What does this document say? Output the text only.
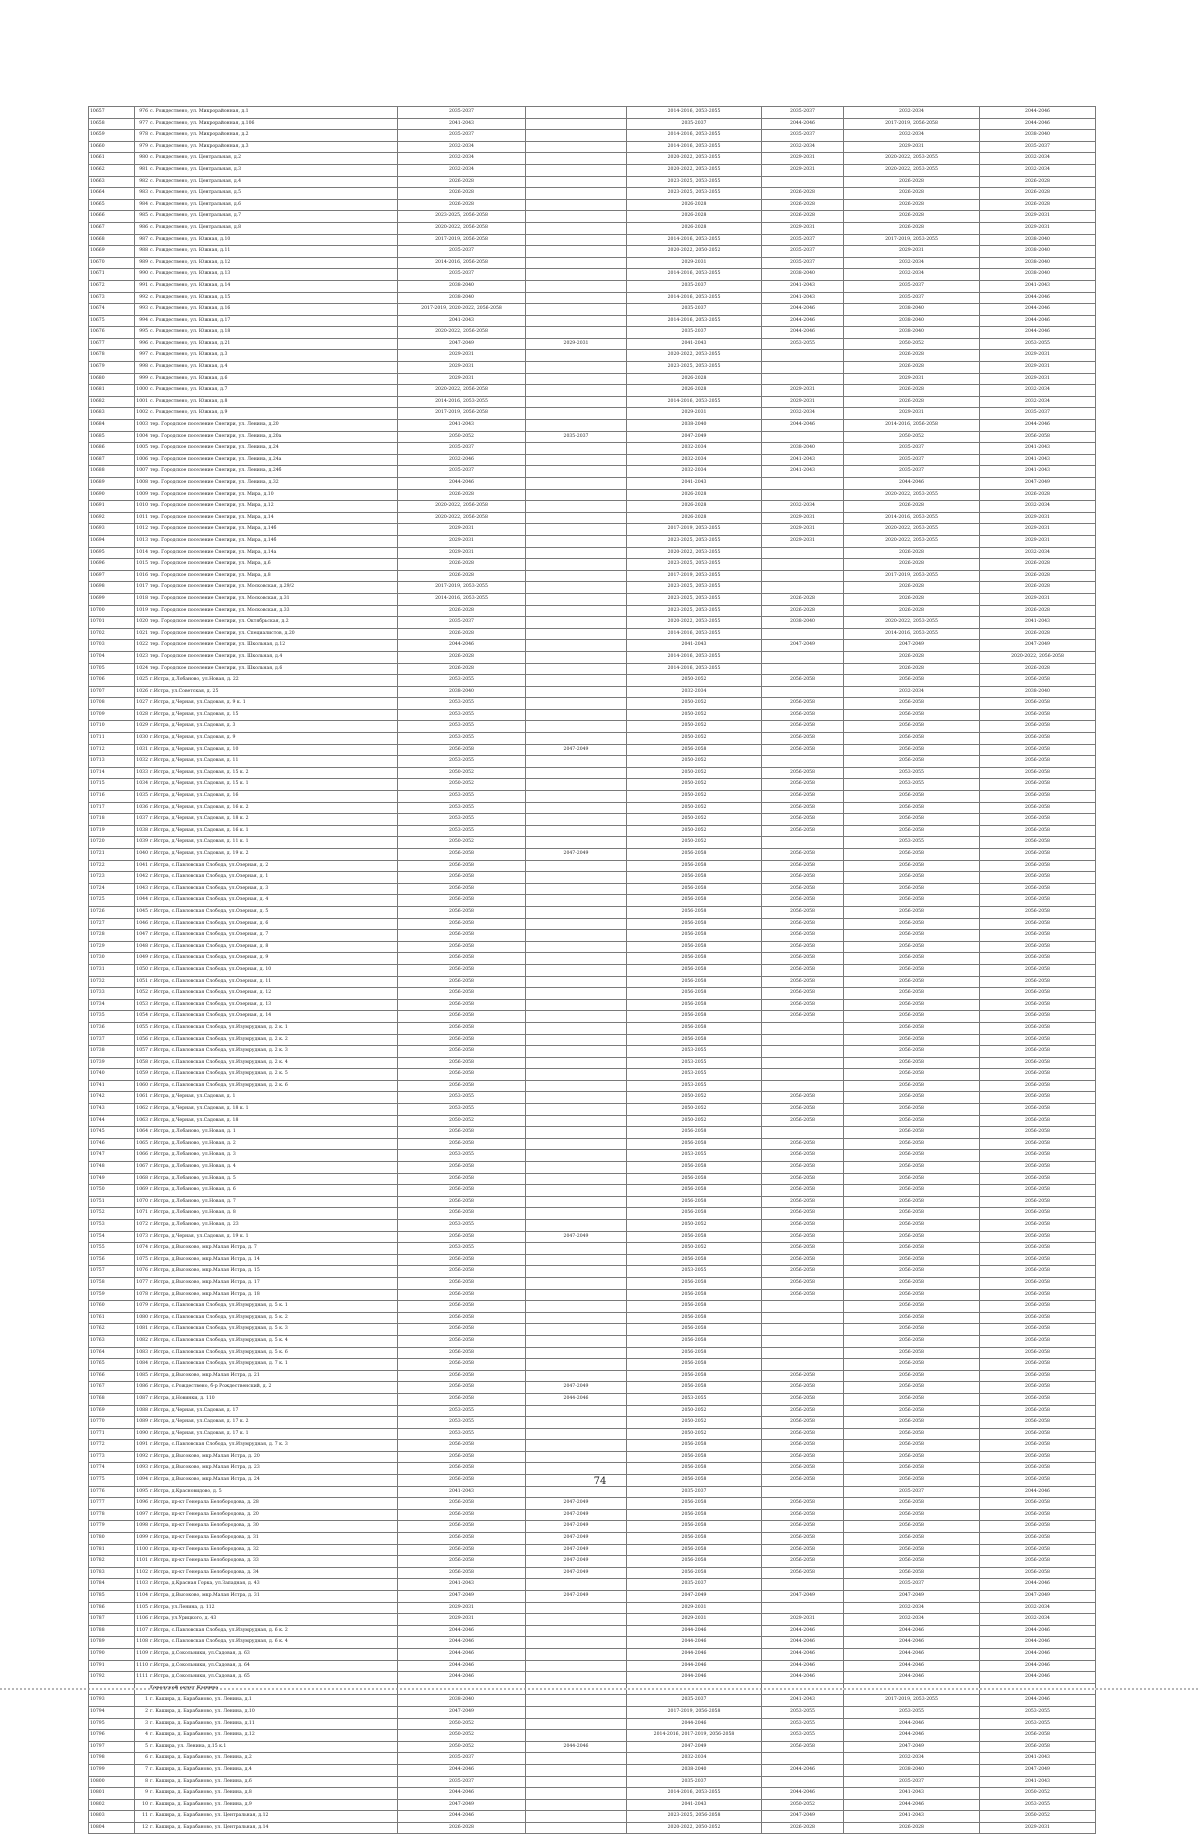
10657	976 с. Рождествено, ул. Микрорайонная, д.1	2035-2037		2014-2016, 2053-2055	2035-2037	2032-2034	2044-2046
10658	977 с. Рождествено, ул. Микрорайонная, д.106	2041-2043		2035-2037	2044-2046	2017-2019, 2056-2058	2044-2046
10659	978 с. Рождествено, ул. Микрорайонная, д.2	2035-2037		2014-2016, 2053-2055	2035-2037	2032-2034	2038-2040
10660	979 с. Рождествено, ул. Микрорайонная, д.3	2032-2034		2014-2016, 2053-2055	2032-2034	2029-2031	2035-2037
10661	980 с. Рождествено, ул. Центральная, д.2	2032-2034		2020-2022, 2053-2055	2029-2031	2020-2022, 2053-2055	2032-2034
10662	981 с. Рождествено, ул. Центральная, д.3	2032-2034		2020-2022, 2053-2055	2029-2031	2020-2022, 2053-2055	2032-2034
10663	982 с. Рождествено, ул. Центральная, д.4	2026-2028		2023-2025, 2053-2055		2026-2028	2026-2028
10664	983 с. Рождествено, ул. Центральная, д.5	2026-2028		2023-2025, 2053-2055	2026-2028	2026-2028	2026-2028
10665	984 с. Рождествено, ул. Центральная, д.6	2026-2028		2026-2028	2026-2028	2026-2028	2026-2028
10666	985 с. Рождествено, ул. Центральная, д.7	2023-2025, 2056-2058		2026-2028	2026-2028	2026-2028	2029-2031
10667	986 с. Рождествено, ул. Центральная, д.8	2020-2022, 2056-2058		2026-2028	2029-2031	2026-2028	2029-2031
10668	987 с. Рождествено, ул. Южная, д.10	2017-2019, 2056-2058		2014-2016, 2053-2055	2035-2037	2017-2019, 2053-2055	2038-2040
10669	988 с. Рождествено, ул. Южная, д.11	2035-2037		2020-2022, 2050-2052	2035-2037	2029-2031	2038-2040
10670	989 с. Рождествено, ул. Южная, д.12	2014-2016, 2056-2058		2029-2031	2035-2037	2032-2034	2038-2040
10671	990 с. Рождествено, ул. Южная, д.13	2035-2037		2014-2016, 2053-2055	2038-2040	2032-2034	2038-2040
10672	991 с. Рождествено, ул. Южная, д.14	2038-2040		2035-2037	2041-2043	2035-2037	2041-2043
10673	992 с. Рождествено, ул. Южная, д.15	2038-2040		2014-2016, 2053-2055	2041-2043	2035-2037	2044-2046
10674	993 с. Рождествено, ул. Южная, д.16	2017-2019, 2020-2022, 2056-2058		2035-2037	2044-2046	2038-2040	2044-2046
10675	994 с. Рождествено, ул. Южная, д.17	2041-2043		2014-2016, 2053-2055	2044-2046	2038-2040	2044-2046
10676	995 с. Рождествено, ул. Южная, д.18	2020-2022, 2056-2058		2035-2037	2044-2046	2038-2040	2044-2046
10677	996 с. Рождествено, ул. Южная, д.21	2047-2049	2029-2031	2041-2043	2053-2055	2050-2052	2053-2055
10678	997 с. Рождествено, ул. Южная, д.3	2029-2031		2020-2022, 2053-2055		2026-2028	2029-2031
10679	998 с. Рождествено, ул. Южная, д.4	2029-2031		2023-2025, 2053-2055		2026-2028	2029-2031
10680	999 с. Рождествено, ул. Южная, д.6	2029-2031		2026-2028		2029-2031	2029-2031
10681	1000 с. Рождествено, ул. Южная, д.7	2020-2022, 2056-2058		2026-2028	2029-2031	2026-2028	2032-2034
10682	1001 с. Рождествено, ул. Южная, д.8	2014-2016, 2053-2055		2014-2016, 2053-2055	2029-2031	2026-2028	2032-2034
10683	1002 с. Рождествено, ул. Южная, д.9	2017-2019, 2056-2058		2029-2031	2032-2034	2029-2031	2035-2037
10684	1003 тер. Городское поселение Снегири, ул. Ленина, д.20	2041-2043		2038-2040	2044-2046	2014-2016, 2056-2058	2044-2046
10685	1004 тер. Городское поселение Снегири, ул. Ленина, д.20а	2050-2052	2035-2037	2047-2049		2050-2052	2056-2058
10686	1005 тер. Городское поселение Снегири, ул. Ленина, д.24	2035-2037		2032-2034	2038-2040	2035-2037	2041-2043
10687	1006 тер. Городское поселение Снегири, ул. Ленина, д.24а	2032-2046		2032-2034	2041-2043	2035-2037	2041-2043
10688	1007 тер. Городское поселение Снегири, ул. Ленина, д.24б	2035-2037		2032-2034	2041-2043	2035-2037	2041-2043
10689	1008 тер. Городское поселение Снегири, ул. Ленина, д.32	2044-2046		2041-2043		2044-2046	2047-2049
10690	1009 тер. Городское поселение Снегири, ул. Мира, д.10	2026-2028		2026-2028		2020-2022, 2053-2055	2026-2028
10691	1010 тер. Городское поселение Снегири, ул. Мира, д.12	2020-2022, 2056-2058		2026-2028	2032-2034	2026-2028	2032-2034
10692	1011 тер. Городское поселение Снегири, ул. Мира, д.14	2020-2022, 2056-2058		2026-2028	2029-2031	2014-2016, 2053-2055	2029-2031
10693	1012 тер. Городское поселение Снегири, ул. Мира, д.14б	2029-2031		2017-2019, 2053-2055	2029-2031	2020-2022, 2053-2055	2029-2031
10694	1013 тер. Городское поселение Снегири, ул. Мира, д.14б	2029-2031		2023-2025, 2053-2055	2029-2031	2020-2022, 2053-2055	2029-2031
10695	1014 тер. Городское поселение Снегири, ул. Мира, д.14а	2029-2031		2020-2022, 2053-2055		2026-2028	2032-2034
10696	1015 тер. Городское поселение Снегири, ул. Мира, д.6	2026-2028		2023-2025, 2053-2055		2026-2028	2026-2028
10697	1016 тер. Городское поселение Снегири, ул. Мира, д.8	2026-2028		2017-2019, 2053-2055		2017-2019, 2053-2055	2026-2028
10698	1017 тер. Городское поселение Снегири, ул. Московская, д.29/2	2017-2019, 2053-2055		2023-2025, 2053-2055		2026-2028	2026-2028
10699	1018 тер. Городское поселение Снегири, ул. Московская, д.31	2014-2016, 2053-2055		2023-2025, 2053-2055	2026-2028	2026-2028	2029-2031
10700	1019 тер. Городское поселение Снегири, ул. Московская, д.33	2026-2028		2023-2025, 2053-2055	2026-2028	2026-2028	2026-2028
10701	1020 тер. Городское поселение Снегири, ул. Октябрьская, д.2	2035-2037		2020-2022, 2053-2055	2038-2040	2020-2022, 2053-2055	2041-2043
10702	1021 тер. Городское поселение Снегири, ул. Специалистов, д.20	2026-2028		2014-2016, 2053-2055		2014-2016, 2053-2055	2026-2028
10703	1022 тер. Городское поселение Снегири, ул. Школьная, д.12	2044-2046		2041-2043	2047-2049	2047-2049	2047-2049
10704	1023 тер. Городское поселение Снегири, ул. Школьная, д.4	2026-2028		2014-2016, 2053-2055		2026-2028	2020-2022, 2056-2058
10705	1024 тер. Городское поселение Снегири, ул. Школьная, д.6	2026-2028		2014-2016, 2053-2055		2026-2028	2026-2028
10706	1025 г.Истра, д.Лобаново, ул.Новая, д. 22	2053-2055		2050-2052	2056-2058	2056-2058	2056-2058
10707	1026 г.Истра, ул.Советская, д. 25	2038-2040		2032-2034		2032-2034	2038-2040
10708	1027 г.Истра, д.Черная, ул.Садовая, д. 9 к. 1	2053-2055		2050-2052	2056-2058	2056-2058	2056-2058
10709	1028 г.Истра, д.Черная, ул.Садовая, д. 15	2053-2055		2050-2052	2056-2058	2056-2058	2056-2058
10710	1029 г.Истра, д.Черная, ул.Садовая, д. 3	2053-2055		2050-2052	2056-2058	2056-2058	2056-2058
10711	1030 г.Истра, д.Черная, ул.Садовая, д. 9	2053-2055		2050-2052	2056-2058	2056-2058	2056-2058
10712	1031 г.Истра, д.Черная, ул.Садовая, д. 10	2056-2058	2047-2049	2056-2058	2056-2058	2056-2058	2056-2058
10713	1032 г.Истра, д.Черная, ул.Садовая, д. 11	2053-2055		2050-2052		2056-2058	2056-2058
10714	1033 г.Истра, д.Черная, ул.Садовая, д. 15 к. 2	2050-2052		2050-2052	2056-2058	2053-2055	2056-2058
10715	1034 г.Истра, д.Черная, ул.Садовая, д. 15 к. 1	2050-2052		2050-2052	2056-2058	2053-2055	2056-2058
10716	1035 г.Истра, д.Черная, ул.Садовая, д. 16	2053-2055		2050-2052	2056-2058	2056-2058	2056-2058
10717	1036 г.Истра, д.Черная, ул.Садовая, д. 16 к. 2	2053-2055		2050-2052	2056-2058	2056-2058	2056-2058
10718	1037 г.Истра, д.Черная, ул.Садовая, д. 18 к. 2	2053-2055		2050-2052	2056-2058	2056-2058	2056-2058
10719	1038 г.Истра, д.Черная, ул.Садовая, д. 16 к. 1	2053-2055		2050-2052	2056-2058	2056-2058	2056-2058
10720	1039 г.Истра, д.Черная, ул.Садовая, д. 11 к. 1	2050-2052		2050-2052		2053-2055	2056-2058
10721	1040 г.Истра, д.Черная, ул.Садовая, д. 19 к. 2	2056-2058	2047-2049	2056-2058	2056-2058	2056-2058	2056-2058
10722	1041 г.Истра, с.Павловская Слобода, ул.Озерная, д. 2	2056-2058		2056-2058	2056-2058	2056-2058	2056-2058
10723	1042 г.Истра, с.Павловская Слобода, ул.Озерная, д. 1	2056-2058		2056-2058	2056-2058	2056-2058	2056-2058
10724	1043 г.Истра, с.Павловская Слобода, ул.Озерная, д. 3	2056-2058		2056-2058	2056-2058	2056-2058	2056-2058
10725	1044 г.Истра, с.Павловская Слобода, ул.Озерная, д. 4	2056-2058		2056-2058	2056-2058	2056-2058	2056-2058
10726	1045 г.Истра, с.Павловская Слобода, ул.Озерная, д. 5	2056-2058		2056-2058	2056-2058	2056-2058	2056-2058
10727	1046 г.Истра, с.Павловская Слобода, ул.Озерная, д. 6	2056-2058		2056-2058	2056-2058	2056-2058	2056-2058
10728	1047 г.Истра, с.Павловская Слобода, ул.Озерная, д. 7	2056-2058		2056-2058	2056-2058	2056-2058	2056-2058
10729	1048 г.Истра, с.Павловская Слобода, ул.Озерная, д. 8	2056-2058		2056-2058	2056-2058	2056-2058	2056-2058
10730	1049 г.Истра, с.Павловская Слобода, ул.Озерная, д. 9	2056-2058		2056-2058	2056-2058	2056-2058	2056-2058
10731	1050 г.Истра, с.Павловская Слобода, ул.Озерная, д. 10	2056-2058		2056-2058	2056-2058	2056-2058	2056-2058
10732	1051 г.Истра, с.Павловская Слобода, ул.Озерная, д. 11	2056-2058		2056-2058	2056-2058	2056-2058	2056-2058
10733	1052 г.Истра, с.Павловская Слобода, ул.Озерная, д. 12	2056-2058		2056-2058	2056-2058	2056-2058	2056-2058
10734	1053 г.Истра, с.Павловская Слобода, ул.Озерная, д. 13	2056-2058		2056-2058	2056-2058	2056-2058	2056-2058
10735	1054 г.Истра, с.Павловская Слобода, ул.Озерная, д. 14	2056-2058		2056-2058	2056-2058	2056-2058	2056-2058
10736	1055 г.Истра, с.Павловская Слобода, ул.Изумрудная, д. 2 к. 1	2056-2058		2056-2058		2056-2058	2056-2058
10737	1056 г.Истра, с.Павловская Слобода, ул.Изумрудная, д. 2 к. 2	2056-2058		2056-2058		2056-2058	2056-2058
10738	1057 г.Истра, с.Павловская Слобода, ул.Изумрудная, д. 2 к. 3	2056-2058		2053-2055		2056-2058	2056-2058
10739	1058 г.Истра, с.Павловская Слобода, ул.Изумрудная, д. 2 к. 4	2056-2058		2053-2055		2056-2058	2056-2058
10740	1059 г.Истра, с.Павловская Слобода, ул.Изумрудная, д. 2 к. 5	2056-2058		2053-2055		2056-2058	2056-2058
10741	1060 г.Истра, с.Павловская Слобода, ул.Изумрудная, д. 2 к. 6	2056-2058		2053-2055		2056-2058	2056-2058
10742	1061 г.Истра, д.Черная, ул.Садовая, д. 1	2053-2055		2050-2052	2056-2058	2056-2058	2056-2058
10743	1062 г.Истра, д.Черная, ул.Садовая, д. 18 к. 1	2053-2055		2050-2052	2056-2058	2056-2058	2056-2058
10744	1063 г.Истра, д.Черная, ул.Садовая, д. 18	2050-2052		2050-2052	2056-2058	2056-2058	2056-2058
10745	1064 г.Истра, д.Лобаново, ул.Новая, д. 1	2056-2058		2056-2058		2056-2058	2056-2058
10746	1065 г.Истра, д.Лобаново, ул.Новая, д. 2	2056-2058		2056-2058	2056-2058	2056-2058	2056-2058
10747	1066 г.Истра, д.Лобаново, ул.Новая, д. 3	2053-2055		2053-2055	2056-2058	2056-2058	2056-2058
10748	1067 г.Истра, д.Лобаново, ул.Новая, д. 4	2056-2058		2056-2058	2056-2058	2056-2058	2056-2058
10749	1068 г.Истра, д.Лобаново, ул.Новая, д. 5	2056-2058		2056-2058	2056-2058	2056-2058	2056-2058
10750	1069 г.Истра, д.Лобаново, ул.Новая, д. 6	2056-2058		2056-2058	2056-2058	2056-2058	2056-2058
10751	1070 г.Истра, д.Лобаново, ул.Новая, д. 7	2056-2058		2056-2058	2056-2058	2056-2058	2056-2058
10752	1071 г.Истра, д.Лобаново, ул.Новая, д. 8	2056-2058		2056-2058	2056-2058	2056-2058	2056-2058
10753	1072 г.Истра, д.Лобаново, ул.Новая, д. 23	2053-2055		2050-2052	2056-2058	2056-2058	2056-2058
10754	1073 г.Истра, д.Черная, ул.Садовая, д. 19 к. 1	2056-2058	2047-2049	2056-2058	2056-2058	2056-2058	2056-2058
10755	1074 г.Истра, д.Высоково, мкр.Малая Истра, д. 7	2053-2055		2050-2052	2056-2058	2056-2058	2056-2058
10756	1075 г.Истра, д.Высоково, мкр.Малая Истра, д. 14	2056-2058		2056-2058	2056-2058	2056-2058	2056-2058
10757	1076 г.Истра, д.Высоково, мкр.Малая Истра, д. 15	2056-2058		2053-2055	2056-2058	2056-2058	2056-2058
10758	1077 г.Истра, д.Высоково, мкр.Малая Истра, д. 17	2056-2058		2056-2058	2056-2058	2056-2058	2056-2058
10759	1078 г.Истра, д.Высоково, мкр.Малая Истра, д. 18	2056-2058		2056-2058	2056-2058	2056-2058	2056-2058
10760	1079 г.Истра, с.Павловская Слобода, ул.Изумрудная, д. 5 к. 1	2056-2058		2056-2058		2056-2058	2056-2058
10761	1080 г.Истра, с.Павловская Слобода, ул.Изумрудная, д. 5 к. 2	2056-2058		2056-2058		2056-2058	2056-2058
10762	1081 г.Истра, с.Павловская Слобода, ул.Изумрудная, д. 5 к. 3	2056-2058		2056-2058		2056-2058	2056-2058
10763	1082 г.Истра, с.Павловская Слобода, ул.Изумрудная, д. 5 к. 4	2056-2058		2056-2058		2056-2058	2056-2058
10764	1083 г.Истра, с.Павловская Слобода, ул.Изумрудная, д. 5 к. 6	2056-2058		2056-2058		2056-2058	2056-2058
10765	1084 г.Истра, с.Павловская Слобода, ул.Изумрудная, д. 7 к. 1	2056-2058		2056-2058		2056-2058	2056-2058
10766	1085 г.Истра, д.Высоково, мкр.Малая Истра, д. 21	2056-2058		2056-2058	2056-2058	2056-2058	2056-2058
10767	1086 г.Истра, с.Рождествено, б-р Рождественский, д. 2	2056-2058	2047-2049	2056-2058	2056-2058	2056-2058	2056-2058
10768	1087 г.Истра, д.Новинки, д. 110	2056-2058	2044-2046	2053-2055	2056-2058	2056-2058	2056-2058
10769	1088 г.Истра, д.Черная, ул.Садовая, д. 17	2053-2055		2050-2052	2056-2058	2056-2058	2056-2058
10770	1089 г.Истра, д.Черная, ул.Садовая, д. 17 к. 2	2053-2055		2050-2052	2056-2058	2056-2058	2056-2058
10771	1090 г.Истра, д.Черная, ул.Садовая, д. 17 к. 1	2053-2055		2050-2052	2056-2058	2056-2058	2056-2058
10772	1091 г.Истра, с.Павловская Слобода, ул.Изумрудная, д. 7 к. 3	2056-2058		2056-2058	2056-2058	2056-2058	2056-2058
10773	1092 г.Истра, д.Высоково, мкр.Малая Истра, д. 20	2056-2058		2056-2058	2056-2058	2056-2058	2056-2058
10774	1093 г.Истра, д.Высоково, мкр.Малая Истра, д. 23	2056-2058		2056-2058	2056-2058	2056-2058	2056-2058
10775	1094 г.Истра, д.Высоково, мкр.Малая Истра, д. 24	2056-2058		2056-2058	2056-2058	2056-2058	2056-2058
10776	1095 г.Истра, д.Красновидово, д. 5	2041-2043		2035-2037		2035-2037	2044-2046
10777	1096 г.Истра, пр-кт Генерала Белобородова, д. 28	2056-2058	2047-2049	2056-2058	2056-2058	2056-2058	2056-2058
10778	1097 г.Истра, пр-кт Генерала Белобородова, д. 20	2056-2058	2047-2049	2056-2058	2056-2058	2056-2058	2056-2058
10779	1098 г.Истра, пр-кт Генерала Белобородова, д. 30	2056-2058	2047-2049	2056-2058	2056-2058	2056-2058	2056-2058
10780	1099 г.Истра, пр-кт Генерала Белобородова, д. 31	2056-2058	2047-2049	2056-2058	2056-2058	2056-2058	2056-2058
10781	1100 г.Истра, пр-кт Генерала Белобородова, д. 32	2056-2058	2047-2049	2056-2058	2056-2058	2056-2058	2056-2058
10782	1101 г.Истра, пр-кт Генерала Белобородова, д. 33	2056-2058	2047-2049	2056-2058	2056-2058	2056-2058	2056-2058
10783	1102 г.Истра, пр-кт Генерала Белобородова, д. 34	2056-2058	2047-2049	2056-2058	2056-2058	2056-2058	2056-2058
10784	1103 г.Истра, д.Красная Горка, ул.Западная, д. 43	2041-2043		2035-2037		2035-2037	2044-2046
10785	1104 г.Истра, д.Высоково, мкр.Малая Истра, д. 31	2047-2049	2047-2049	2047-2049	2047-2049	2047-2049	2047-2049
10786	1105 г.Истра, ул.Ленина, д. 112	2029-2031		2029-2031		2032-2034	2032-2034
10787	1106 г.Истра, ул.Урицкого, д. 43	2029-2031		2029-2031	2029-2031	2032-2034	2032-2034
10788	1107 г.Истра, с.Павловская Слобода, ул.Изумрудная, д. 6 к. 2	2044-2046		2044-2046	2044-2046	2044-2046	2044-2046
10789	1108 г.Истра, с.Павловская Слобода, ул.Изумрудная, д. 6 к. 4	2044-2046		2044-2046	2044-2046	2044-2046	2044-2046
10790	1109 г.Истра, д.Сокольники, ул.Садовая, д. 63	2044-2046		2044-2046	2044-2046	2044-2046	2044-2046
10791	1110 г.Истра, д.Сокольники, ул.Садовая, д. 64	2044-2046		2044-2046	2044-2046	2044-2046	2044-2046
10792	1111 г.Истра, д.Сокольники, ул.Садовая, д. 65	2044-2046		2044-2046	2044-2046	2044-2046	2044-2046

10793	1 г. Кашира, д. Барабаново, ул. Ленина, д.1	2038-2040		2035-2037	2041-2043	2017-2019, 2053-2055	2044-2046
10794	2 г. Кашира, д. Барабаново, ул. Ленина, д.10	2047-2049		2017-2019, 2056-2058	2053-2055	2053-2055	2053-2055
10795	3 г. Кашира, д. Барабаново, ул. Ленина, д.11	2050-2052		2044-2046	2053-2055	2044-2046	2053-2055
10796	4 г. Кашира, д. Барабаново, ул. Ленина, д.12	2050-2052		2014-2016, 2017-2019, 2056-2058	2053-2055	2044-2046	2056-2058
10797	5 г. Кашира, ул. Ленина, д.15 к.1	2050-2052	2044-2046	2047-2049	2056-2058	2047-2049	2056-2058
10798	6 г. Кашира, д. Барабаново, ул. Ленина, д.2	2035-2037		2032-2034		2032-2034	2041-2043
10799	7 г. Кашира, д. Барабаново, ул. Ленина, д.4	2044-2046		2038-2040	2044-2046	2038-2040	2047-2049
10800	8 г. Кашира, д. Барабаново, ул. Ленина, д.6	2035-2037		2035-2037		2035-2037	2041-2043
10801	9 г. Кашира, д. Барабаново, ул. Ленина, д.8	2044-2046		2014-2016, 2053-2055	2044-2046	2041-2043	2050-2052
10802	10 г. Кашира, д. Барабаново, ул. Ленина, д.9	2047-2049		2041-2043	2050-2052	2044-2046	2053-2055
10803	11 г. Кашира, д. Барабаново, ул. Центральная, д.12	2044-2046		2023-2025, 2056-2058	2047-2049	2041-2043	2050-2052
10804	12 г. Кашира, д. Барабаново, ул. Центральная, д.14	2026-2028		2020-2022, 2050-2052	2026-2028	2026-2028	2029-2031
74
